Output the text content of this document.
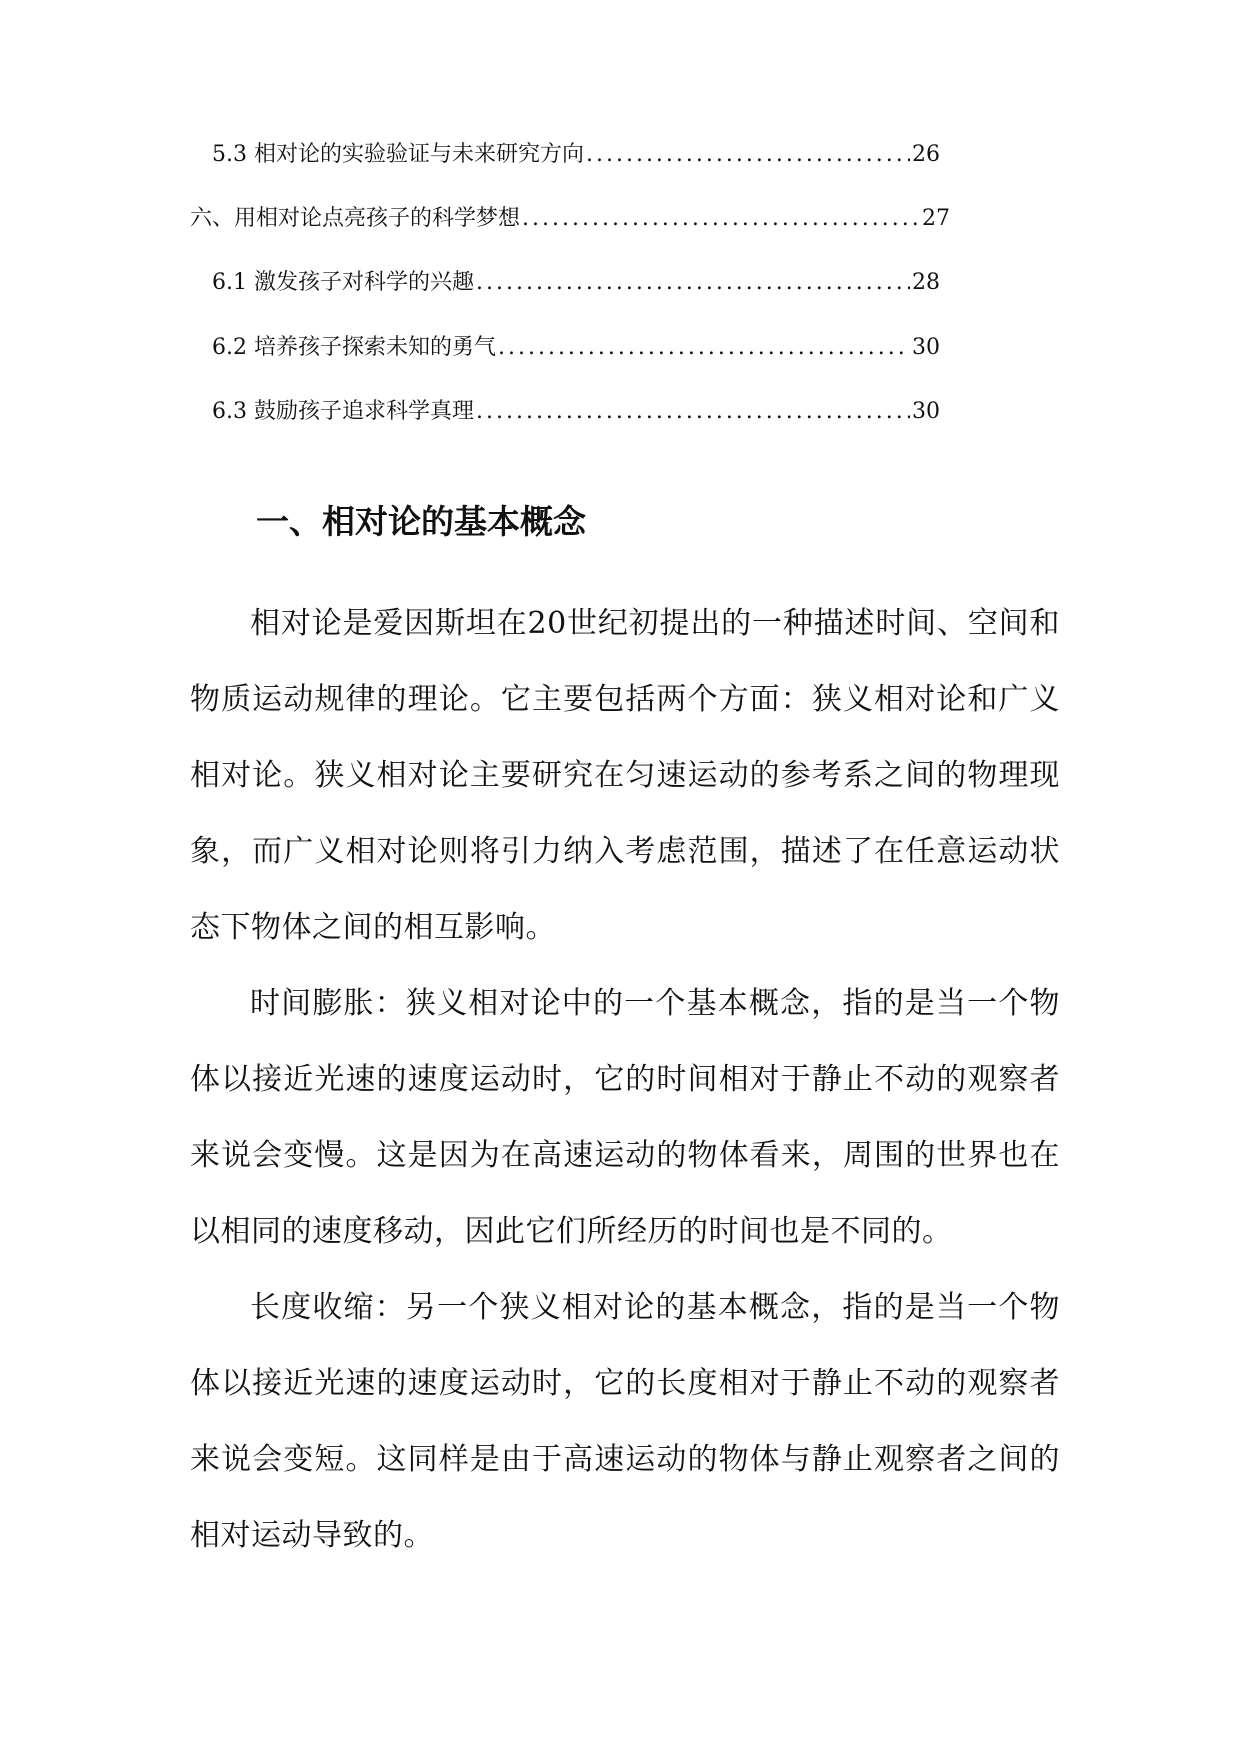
5.3 相对论的实验验证与未来研究方向 .....	26
六、用相对论点亮孩子的科学梦想 .....	27
6.1 激发孩子对科学的兴趣 .....	28
6.2 培养孩子探索未知的勇气 .....	30
6.3 鼓励孩子追求科学真理 .....	30
一、相对论的基本概念

相对论是爱因斯坦在20世纪初提出的一种描述时间、空间和物质运动规律的理论。它主要包括两个方面：狭义相对论和广义相对论。狭义相对论主要研究在匀速运动的参考系之间的物理现象，而广义相对论则将引力纳入考虑范围，描述了在任意运动状态下物体之间的相互影响。

时间膨胀：狭义相对论中的一个基本概念，指的是当一个物体以接近光速的速度运动时，它的时间相对于静止不动的观察者来说会变慢。这是因为在高速运动的物体看来，周围的世界也在以相同的速度移动，因此它们所经历的时间也是不同的。

长度收缩：另一个狭义相对论的基本概念，指的是当一个物体以接近光速的速度运动时，它的长度相对于静止不动的观察者来说会变短。这同样是由于高速运动的物体与静止观察者之间的相对运动导致的。
